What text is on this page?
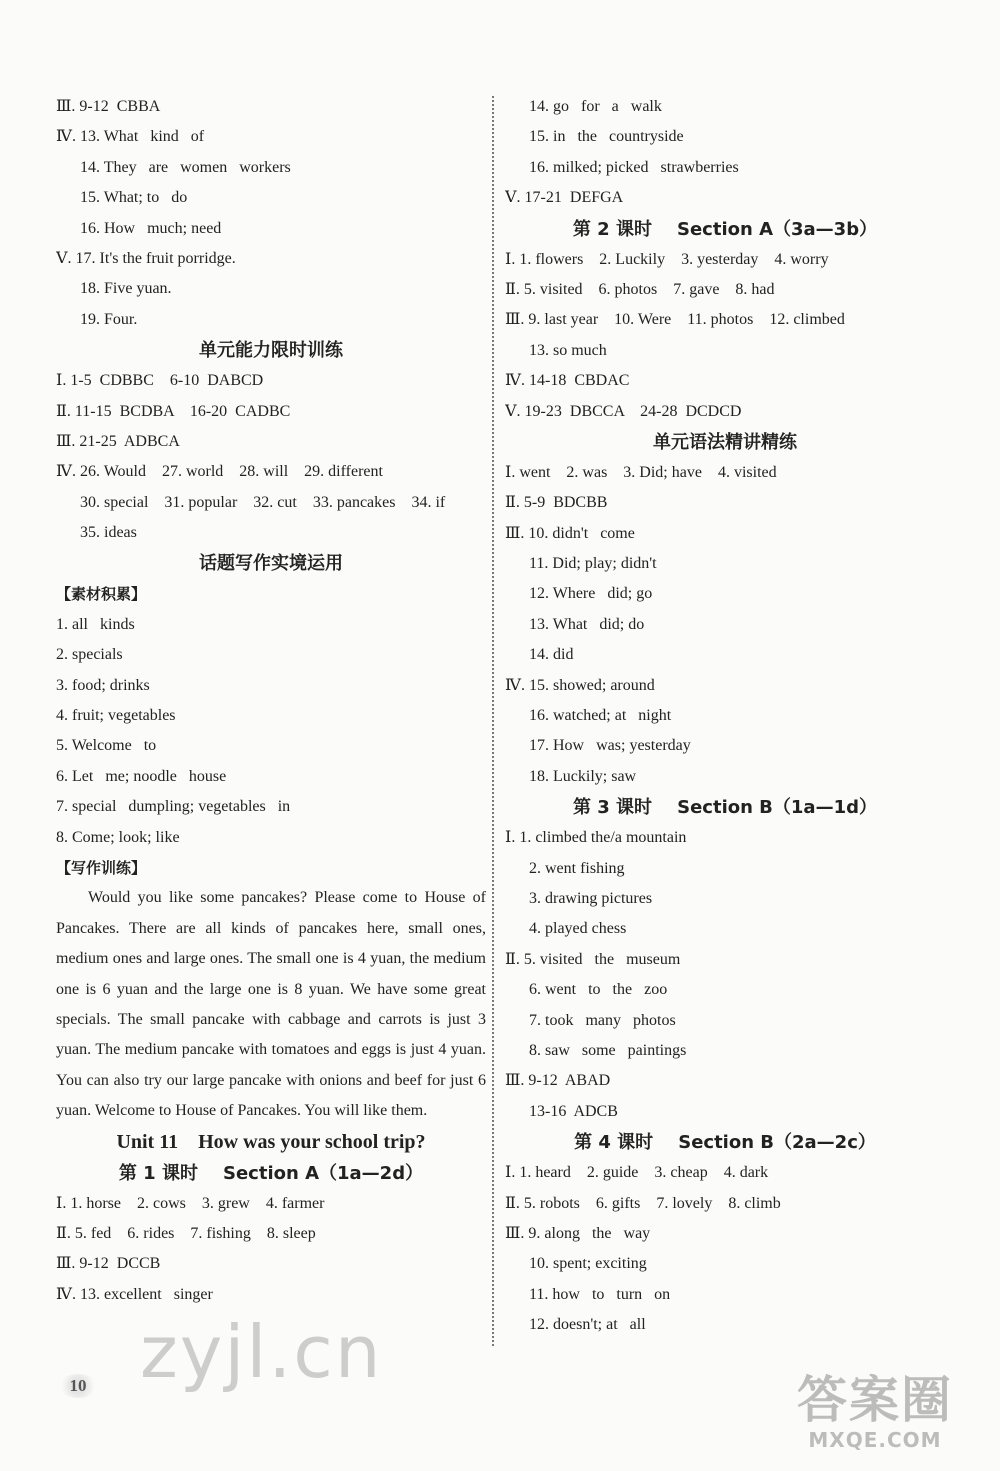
Ⅲ. 9-12  CBBA
Ⅳ. 13. What   kind   of
14. They   are   women   workers
15. What; to   do
16. How   much; need
Ⅴ. 17. It's the fruit porridge.
18. Five yuan.
19. Four.
单元能力限时训练
Ⅰ. 1-5  CDBBC    6-10  DABCD
Ⅱ. 11-15  BCDBA    16-20  CADBC
Ⅲ. 21-25  ADBCA
Ⅳ. 26. Would    27. world    28. will    29. different
30. special    31. popular    32. cut    33. pancakes    34. if
35. ideas
话题写作实境运用
【素材积累】
1. all   kinds
2. specials
3. food; drinks
4. fruit; vegetables
5. Welcome   to
6. Let   me; noodle   house
7. special   dumpling; vegetables   in
8. Come; look; like
【写作训练】
Would you like some pancakes? Please come to House of Pancakes. There are all kinds of pancakes here, small ones, medium ones and large ones. The small one is 4 yuan, the medium one is 6 yuan and the large one is 8 yuan. We have some great specials. The small pancake with cabbage and carrots is just 3 yuan. The medium pancake with tomatoes and eggs is just 4 yuan. You can also try our large pancake with onions and beef for just 6 yuan. Welcome to House of Pancakes. You will like them.
Unit 11    How was your school trip?
第 1 课时    Section A（1a—2d）
Ⅰ. 1. horse    2. cows    3. grew    4. farmer
Ⅱ. 5. fed    6. rides    7. fishing    8. sleep
Ⅲ. 9-12  DCCB
Ⅳ. 13. excellent   singer
14. go   for   a   walk
15. in   the   countryside
16. milked; picked   strawberries
Ⅴ. 17-21  DEFGA
第 2 课时    Section A（3a—3b）
Ⅰ. 1. flowers    2. Luckily    3. yesterday    4. worry
Ⅱ. 5. visited    6. photos    7. gave    8. had
Ⅲ. 9. last year    10. Were    11. photos    12. climbed
13. so much
Ⅳ. 14-18  CBDAC
Ⅴ. 19-23  DBCCA    24-28  DCDCD
单元语法精讲精练
Ⅰ. went    2. was    3. Did; have    4. visited
Ⅱ. 5-9  BDCBB
Ⅲ. 10. didn't   come
11. Did; play; didn't
12. Where   did; go
13. What   did; do
14. did
Ⅳ. 15. showed; around
16. watched; at   night
17. How   was; yesterday
18. Luckily; saw
第 3 课时    Section B（1a—1d）
Ⅰ. 1. climbed the/a mountain
2. went fishing
3. drawing pictures
4. played chess
Ⅱ. 5. visited   the   museum
6. went   to   the   zoo
7. took   many   photos
8. saw   some   paintings
Ⅲ. 9-12  ABAD
13-16  ADCB
第 4 课时    Section B（2a—2c）
Ⅰ. 1. heard    2. guide    3. cheap    4. dark
Ⅱ. 5. robots    6. gifts    7. lovely    8. climb
Ⅲ. 9. along   the   way
10. spent; exciting
11. how   to   turn   on
12. doesn't; at   all
10 zyjl.cn
答案圈
MXQE.COM
